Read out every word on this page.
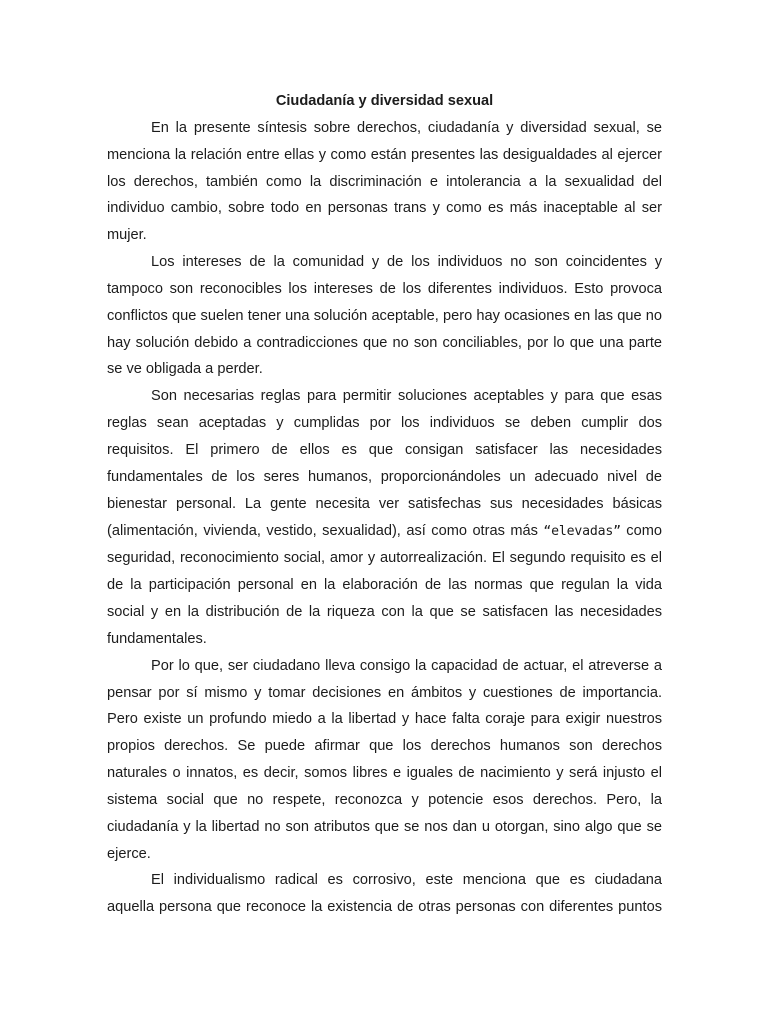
Ciudadanía y diversidad sexual

En la presente síntesis sobre derechos, ciudadanía y diversidad sexual, se menciona la relación entre ellas y como están presentes las desigualdades al ejercer los derechos, también como la discriminación e intolerancia a la sexualidad del individuo cambio, sobre todo en personas trans y como es más inaceptable al ser mujer.

Los intereses de la comunidad y de los individuos no son coincidentes y tampoco son reconocibles los intereses de los diferentes individuos. Esto provoca conflictos que suelen tener una solución aceptable, pero hay ocasiones en las que no hay solución debido a contradicciones que no son conciliables, por lo que una parte se ve obligada a perder.

Son necesarias reglas para permitir soluciones aceptables y para que esas reglas sean aceptadas y cumplidas por los individuos se deben cumplir dos requisitos. El primero de ellos es que consigan satisfacer las necesidades fundamentales de los seres humanos, proporcionándoles un adecuado nivel de bienestar personal. La gente necesita ver satisfechas sus necesidades básicas (alimentación, vivienda, vestido, sexualidad), así como otras más “elevadas” como seguridad, reconocimiento social, amor y autorrealización. El segundo requisito es el de la participación personal en la elaboración de las normas que regulan la vida social y en la distribución de la riqueza con la que se satisfacen las necesidades fundamentales.

Por lo que, ser ciudadano lleva consigo la capacidad de actuar, el atreverse a pensar por sí mismo y tomar decisiones en ámbitos y cuestiones de importancia. Pero existe un profundo miedo a la libertad y hace falta coraje para exigir nuestros propios derechos. Se puede afirmar que los derechos humanos son derechos naturales o innatos, es decir, somos libres e iguales de nacimiento y será injusto el sistema social que no respete, reconozca y potencie esos derechos. Pero, la ciudadanía y la libertad no son atributos que se nos dan u otorgan, sino algo que se ejerce.

El individualismo radical es corrosivo, este menciona que es ciudadana aquella persona que reconoce la existencia de otras personas con diferentes puntos
